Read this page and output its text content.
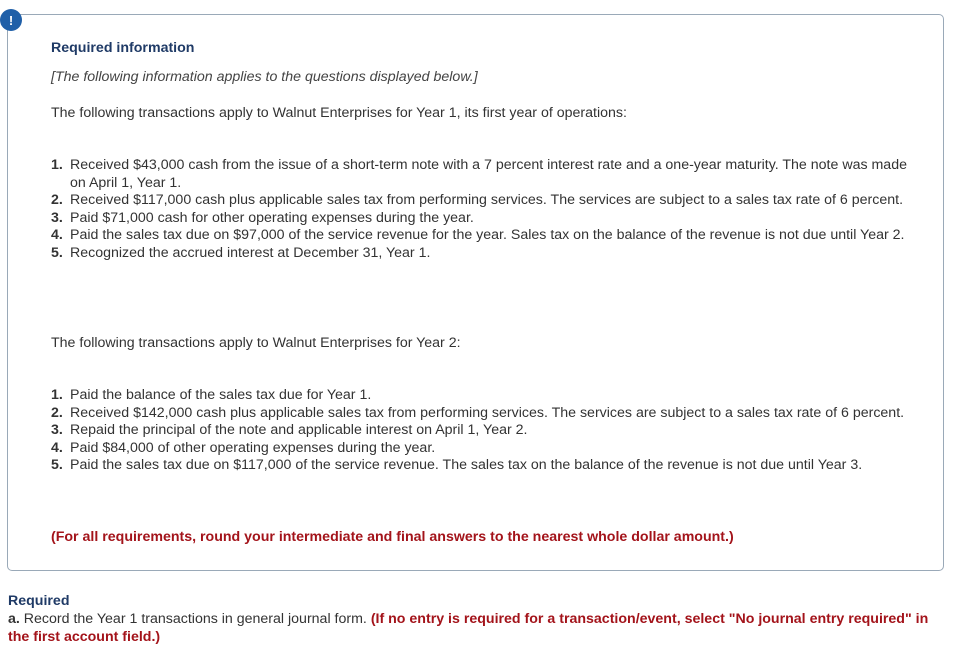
!

Required information

[The following information applies to the questions displayed below.]

The following transactions apply to Walnut Enterprises for Year 1, its first year of operations:

1. Received $43,000 cash from the issue of a short-term note with a 7 percent interest rate and a one-year maturity. The note was made on April 1, Year 1.
2. Received $117,000 cash plus applicable sales tax from performing services. The services are subject to a sales tax rate of 6 percent.
3. Paid $71,000 cash for other operating expenses during the year.
4. Paid the sales tax due on $97,000 of the service revenue for the year. Sales tax on the balance of the revenue is not due until Year 2.
5. Recognized the accrued interest at December 31, Year 1.

The following transactions apply to Walnut Enterprises for Year 2:

1. Paid the balance of the sales tax due for Year 1.
2. Received $142,000 cash plus applicable sales tax from performing services. The services are subject to a sales tax rate of 6 percent.
3. Repaid the principal of the note and applicable interest on April 1, Year 2.
4. Paid $84,000 of other operating expenses during the year.
5. Paid the sales tax due on $117,000 of the service revenue. The sales tax on the balance of the revenue is not due until Year 3.

(For all requirements, round your intermediate and final answers to the nearest whole dollar amount.)

Required

a. Record the Year 1 transactions in general journal form. (If no entry is required for a transaction/event, select "No journal entry required" in the first account field.)
